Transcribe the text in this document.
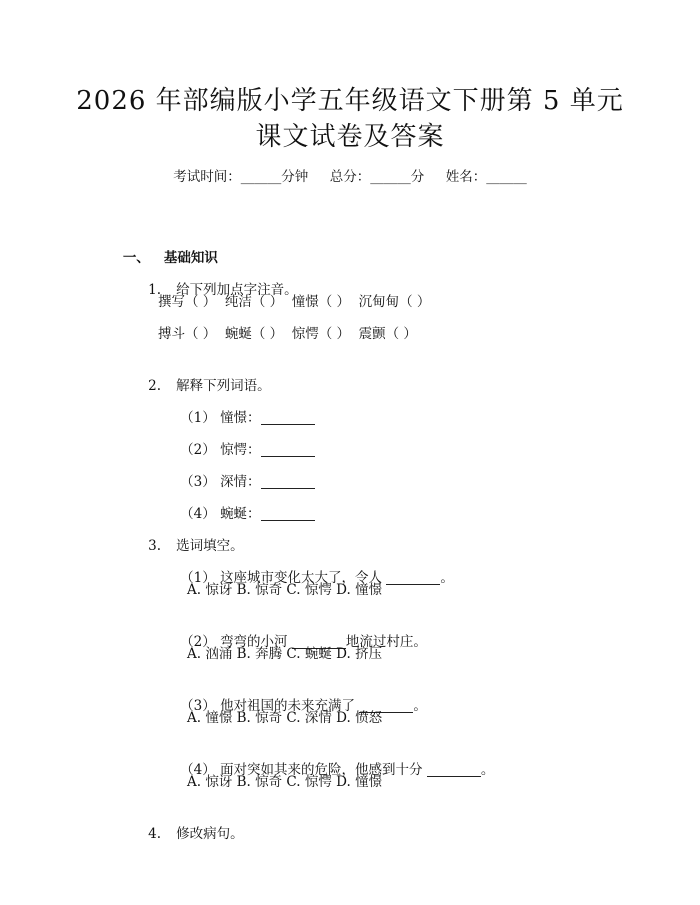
2026 年部编版小学五年级语文下册第 5 单元
课文试卷及答案
考试时间：______分钟     总分：______分     姓名：______

一、 基础知识

1. 给下列加点字注音。

撰写（ ）  纯洁（ ）  憧憬（ ）  沉甸甸（ ）
搏斗（ ）  蜿蜒（ ）  惊愕（ ）  震颤（ ）

2. 解释下列词语。

（1） 憧憬：

（2） 惊愕：

（3） 深情：

（4） 蜿蜒：

3. 选词填空。

（1） 这座城市变化太大了，令人	。

A. 惊讶 B. 惊奇 C. 惊愕 D. 憧憬

（2） 弯弯的小河	地流过村庄。

A. 汹涌 B. 奔腾 C. 蜿蜒 D. 挤压

（3） 他对祖国的未来充满了	。

A. 憧憬 B. 惊奇 C. 深情 D. 愤怒

（4） 面对突如其来的危险，他感到十分	。

A. 惊讶 B. 惊奇 C. 惊愕 D. 憧憬

4. 修改病句。
